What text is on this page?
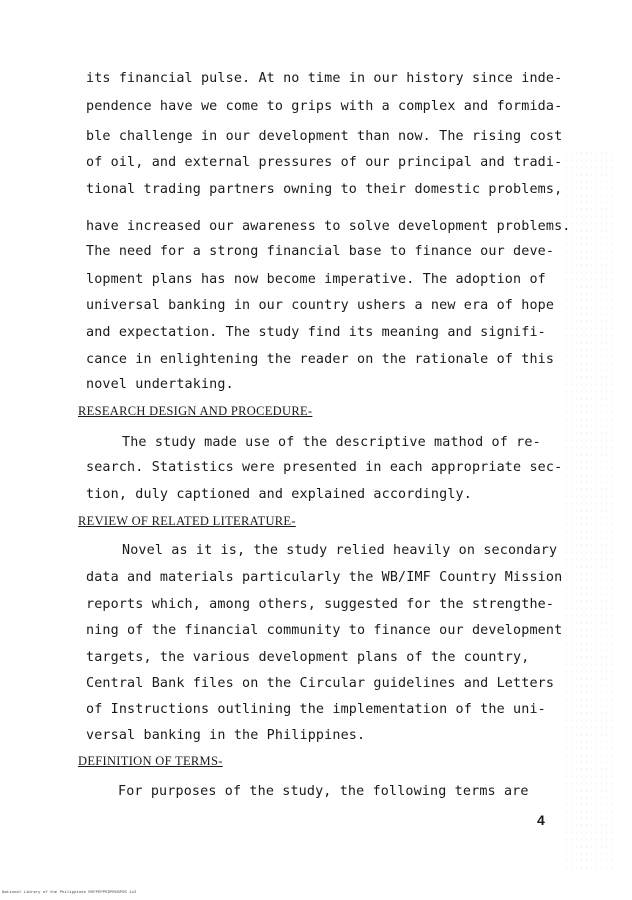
its financial pulse. At no time in our history since inde-
pendence have we come to grips with a complex and formida-
ble challenge in our development than now. The rising cost
of oil, and external pressures of our principal and tradi-
tional trading partners owning to their domestic problems,
have increased our awareness to solve development problems.
The need for a strong financial base to finance our deve-
lopment plans has now become imperative. The adoption of
universal banking in our country ushers a new era of hope
and expectation. The study find its meaning and signifi-
cance in enlightening the reader on the rationale of this
novel undertaking.
RESEARCH DESIGN AND PROCEDURE-
The study made use of the descriptive mathod of re-
search. Statistics were presented in each appropriate sec-
tion, duly captioned and explained accordingly.
REVIEW OF RELATED LITERATURE-
Novel as it is, the study relied heavily on secondary
data and materials particularly the WB/IMF Country Mission
reports which, among others, suggested for the strengthe-
ning of the financial community to finance our development
targets, the various development plans of the country,
Central Bank files on the Circular guidelines and Letters
of Instructions outlining the implementation of the uni-
versal banking in the Philippines.
DEFINITION OF TERMS-
For purposes of the study, the following terms are
4
National Library of the Philippines RUFPEPPEDPRCBPOS 112
